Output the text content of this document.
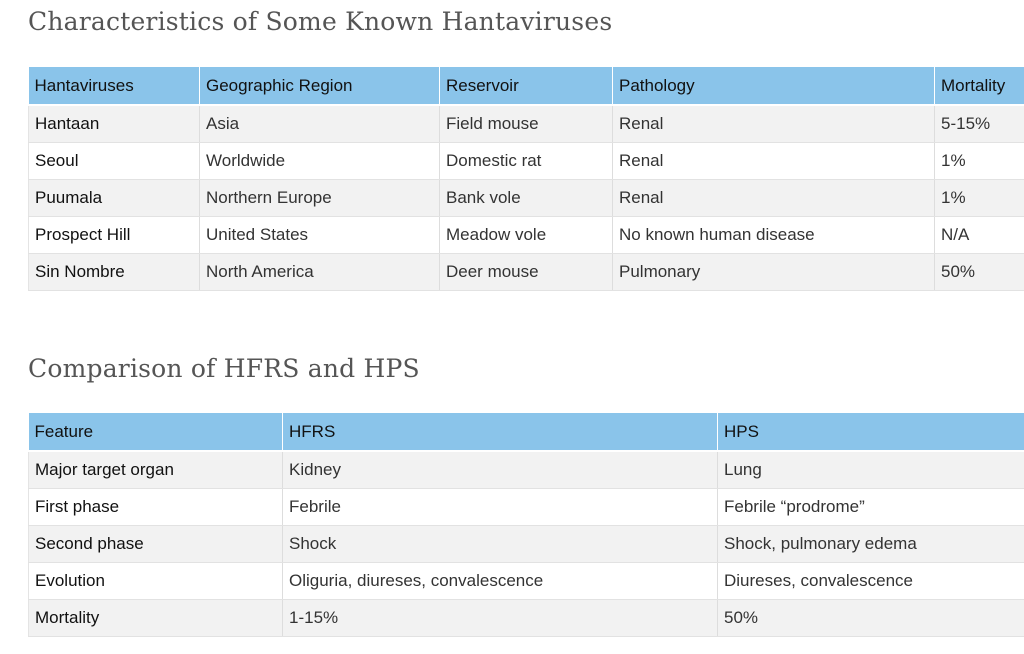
Characteristics of Some Known Hantaviruses
Hantaviruses	Geographic Region	Reservoir	Pathology	Mortality
Hantaan	Asia	Field mouse	Renal	5-15%
Seoul	Worldwide	Domestic rat	Renal	1%
Puumala	Northern Europe	Bank vole	Renal	1%
Prospect Hill	United States	Meadow vole	No known human disease	N/A
Sin Nombre	North America	Deer mouse	Pulmonary	50%
Comparison of HFRS and HPS
Feature	HFRS	HPS
Major target organ	Kidney	Lung
First phase	Febrile	Febrile “prodrome”
Second phase	Shock	Shock, pulmonary edema
Evolution	Oliguria, diureses, convalescence	Diureses, convalescence
Mortality	1-15%	50%
